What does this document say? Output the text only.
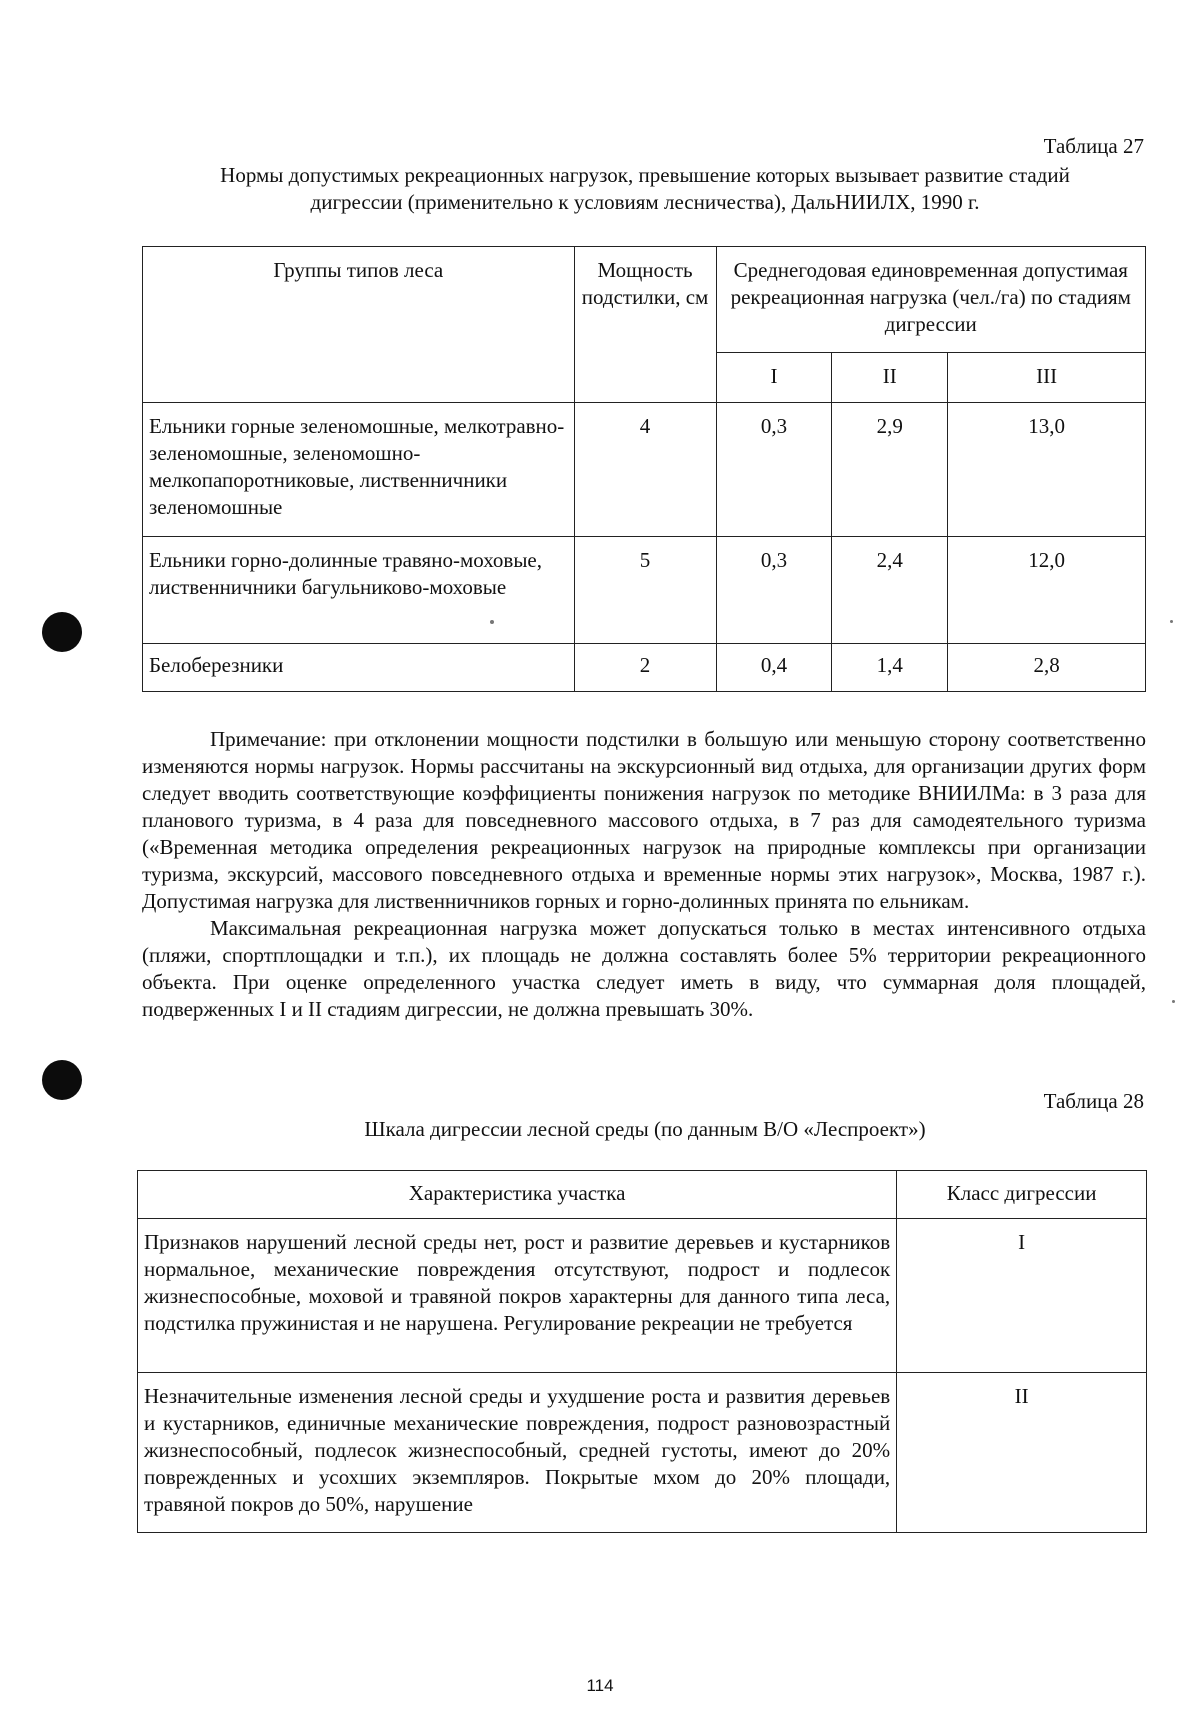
Таблица 27
Нормы допустимых рекреационных нагрузок, превышение которых вызывает развитие стадий
дигрессии (применительно к условиям лесничества), ДальНИИЛХ, 1990 г.
Группы типов леса	Мощность подстилки, см	Среднегодовая единовременная допустимая рекреационная нагрузка (чел./га) по стадиям дигрессии		
		I	II	III
Ельники горные зеленомошные, мелкотравно-зеленомошные, зеленомошно-мелкопапоротниковые, лиственничники зеленомошные	4	0,3	2,9	13,0
Ельники горно-долинные травяно-моховые, лиственничники багульниково-моховые	5	0,3	2,4	12,0
Белоберезники	2	0,4	1,4	2,8

Примечание: при отклонении мощности подстилки в большую или меньшую сторону соответственно изменяются нормы нагрузок. Нормы рассчитаны на экскурсионный вид отдыха, для организации других форм следует вводить соответствующие коэффициенты понижения нагрузок по методике ВНИИЛМа: в 3 раза для планового туризма, в 4 раза для повседневного массового отдыха, в 7 раз для самодеятельного туризма («Временная методика определения рекреационных нагрузок на природные комплексы при организации туризма, экскурсий, массового повседневного отдыха и временные нормы этих нагрузок», Москва, 1987 г.). Допустимая нагрузка для лиственничников горных и горно-долинных принята по ельникам.

Максимальная рекреационная нагрузка может допускаться только в местах интенсивного отдыха (пляжи, спортплощадки и т.п.), их площадь не должна составлять более 5% территории рекреационного объекта. При оценке определенного участка следует иметь в виду, что суммарная доля площадей, подверженных I и II стадиям дигрессии, не должна превышать 30%.

Таблица 28
Шкала дигрессии лесной среды (по данным В/О «Леспроект»)
Характеристика участка	Класс дигрессии
Признаков нарушений лесной среды нет, рост и развитие деревьев и кустарников нормальное, механические повреждения отсутствуют, подрост и подлесок жизнеспособные, моховой и травяной покров характерны для данного типа леса, подстилка пружинистая и не нарушена. Регулирование рекреации не требуется	I
Незначительные изменения лесной среды и ухудшение роста и развития деревьев и кустарников, единичные механические повреждения, подрост разновозрастный жизнеспособный, подлесок жизнеспособный, средней густоты, имеют до 20% поврежденных и усохших экземпляров. Покрытые мхом до 20% площади, травяной покров до 50%, нарушение	II
114
